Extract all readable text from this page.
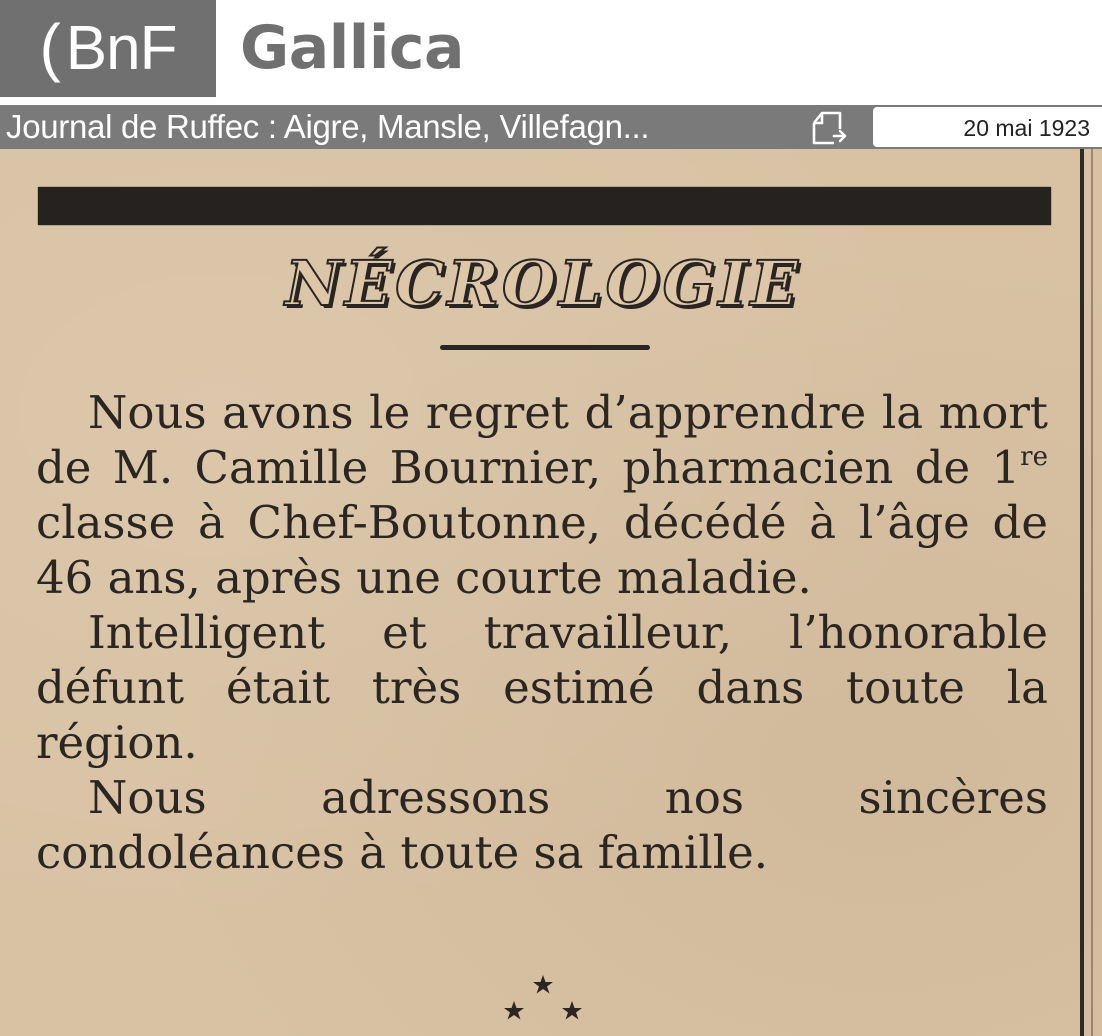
( BnF Gallica
Journal de Ruffec : Aigre, Mansle, Villefagn...	20 mai 1923
NÉCROLOGIE

Nous avons le regret d’apprendre la mort de M. Camille Bournier, pharmacien de 1re classe à Chef-Boutonne, décédé à l’âge de 46 ans, après une courte maladie.

Intelligent et travailleur, l’honorable défunt était très estimé dans toute la région.

Nous adressons nos sincères condoléances à toute sa famille.
